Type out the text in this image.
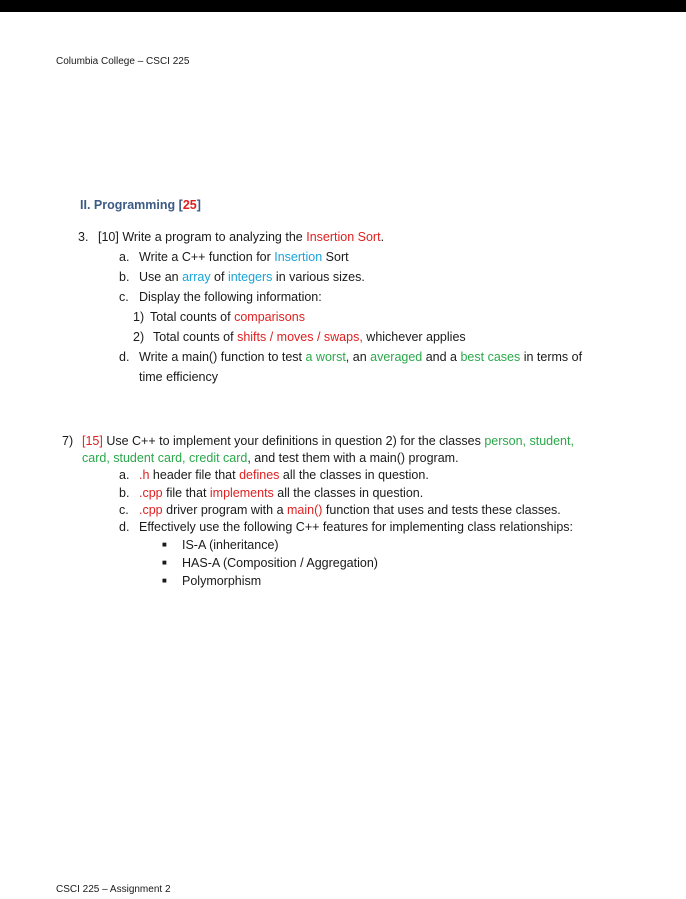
Columbia College – CSCI 225
II. Programming [25]
3. [10] Write a program to analyzing the Insertion Sort.
a. Write a C++ function for Insertion Sort
b. Use an array of integers in various sizes.
c. Display the following information:
1) Total counts of comparisons
2) Total counts of shifts / moves / swaps, whichever applies
d. Write a main() function to test a worst, an averaged and a best cases in terms of
time efficiency
7) [15] Use C++ to implement your definitions in question 2) for the classes person, student,
card, student card, credit card, and test them with a main() program.
a. .h header file that defines all the classes in question.
b. .cpp file that implements all the classes in question.
c. .cpp driver program with a main() function that uses and tests these classes.
d. Effectively use the following C++ features for implementing class relationships:
■ IS-A (inheritance)
■ HAS-A (Composition / Aggregation)
■ Polymorphism
CSCI 225 – Assignment 2
